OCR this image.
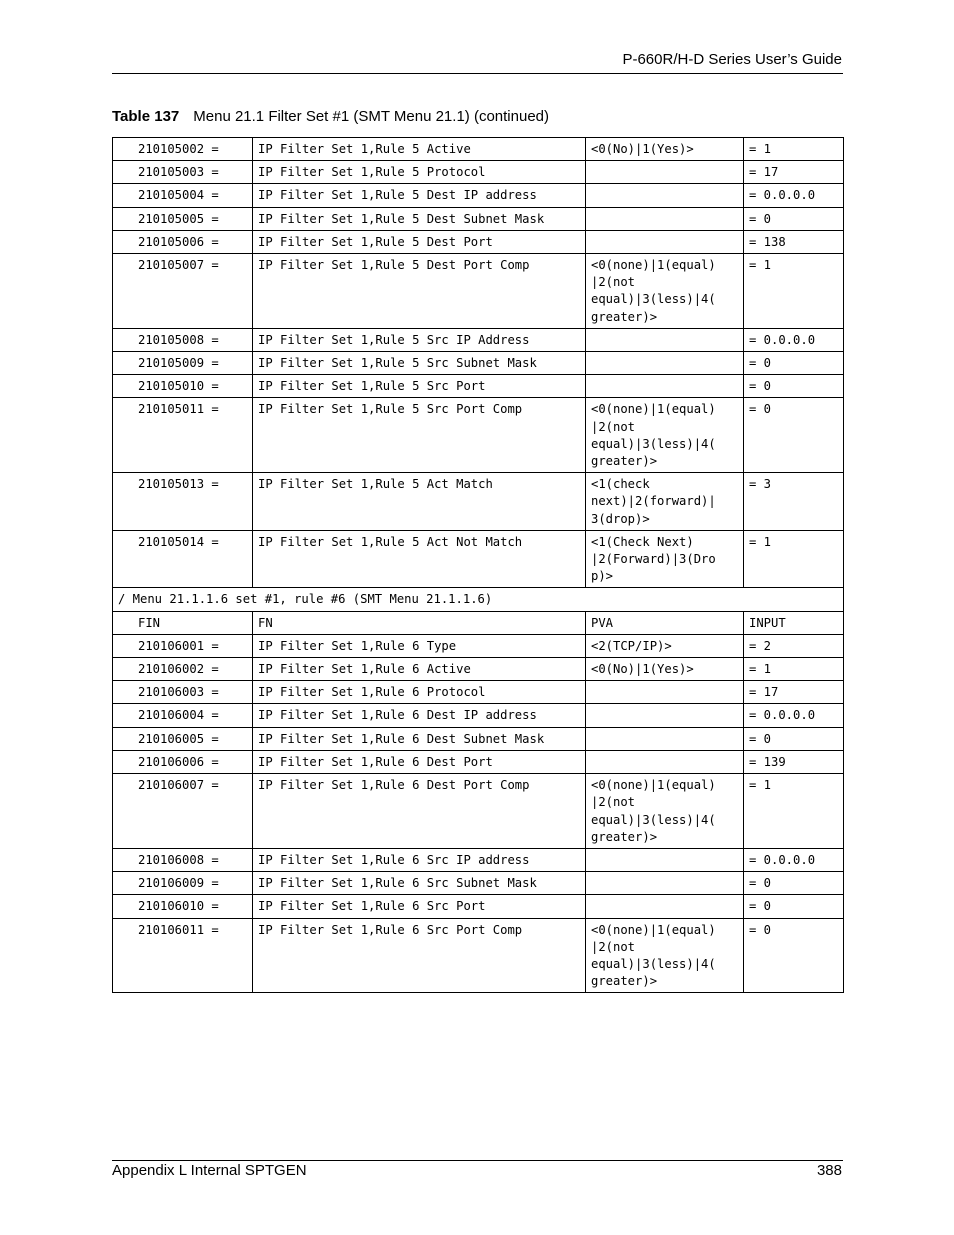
P-660R/H-D Series User’s Guide
Table 137 Menu 21.1 Filter Set #1 (SMT Menu 21.1) (continued)
210105002 =	IP Filter Set 1,Rule 5 Active	<0(No)|1(Yes)>	= 1
210105003 =	IP Filter Set 1,Rule 5 Protocol		= 17
210105004 =	IP Filter Set 1,Rule 5 Dest IP address		= 0.0.0.0
210105005 =	IP Filter Set 1,Rule 5 Dest Subnet Mask		= 0
210105006 =	IP Filter Set 1,Rule 5 Dest Port		= 138
210105007 =	IP Filter Set 1,Rule 5 Dest Port Comp	<0(none)|1(equal)
|2(not
equal)|3(less)|4(
greater)>	= 1
210105008 =	IP Filter Set 1,Rule 5 Src IP Address		= 0.0.0.0
210105009 =	IP Filter Set 1,Rule 5 Src Subnet Mask		= 0
210105010 =	IP Filter Set 1,Rule 5 Src Port		= 0
210105011 =	IP Filter Set 1,Rule 5 Src Port Comp	<0(none)|1(equal)
|2(not
equal)|3(less)|4(
greater)>	= 0
210105013 =	IP Filter Set 1,Rule 5 Act Match	<1(check
next)|2(forward)|
3(drop)>	= 3
210105014 =	IP Filter Set 1,Rule 5 Act Not Match	<1(Check Next)
|2(Forward)|3(Dro
p)>	= 1
/ Menu 21.1.1.6 set #1, rule #6 (SMT Menu 21.1.1.6)			
FIN	FN	PVA	INPUT
210106001 =	IP Filter Set 1,Rule 6 Type	<2(TCP/IP)>	= 2
210106002 =	IP Filter Set 1,Rule 6 Active	<0(No)|1(Yes)>	= 1
210106003 =	IP Filter Set 1,Rule 6 Protocol		= 17
210106004 =	IP Filter Set 1,Rule 6 Dest IP address		= 0.0.0.0
210106005 =	IP Filter Set 1,Rule 6 Dest Subnet Mask		= 0
210106006 =	IP Filter Set 1,Rule 6 Dest Port		= 139
210106007 =	IP Filter Set 1,Rule 6 Dest Port Comp	<0(none)|1(equal)
|2(not
equal)|3(less)|4(
greater)>	= 1
210106008 =	IP Filter Set 1,Rule 6 Src IP address		= 0.0.0.0
210106009 =	IP Filter Set 1,Rule 6 Src Subnet Mask		= 0
210106010 =	IP Filter Set 1,Rule 6 Src Port		= 0
210106011 =	IP Filter Set 1,Rule 6 Src Port Comp	<0(none)|1(equal)
|2(not
equal)|3(less)|4(
greater)>	= 0
Appendix L Internal SPTGEN	388
